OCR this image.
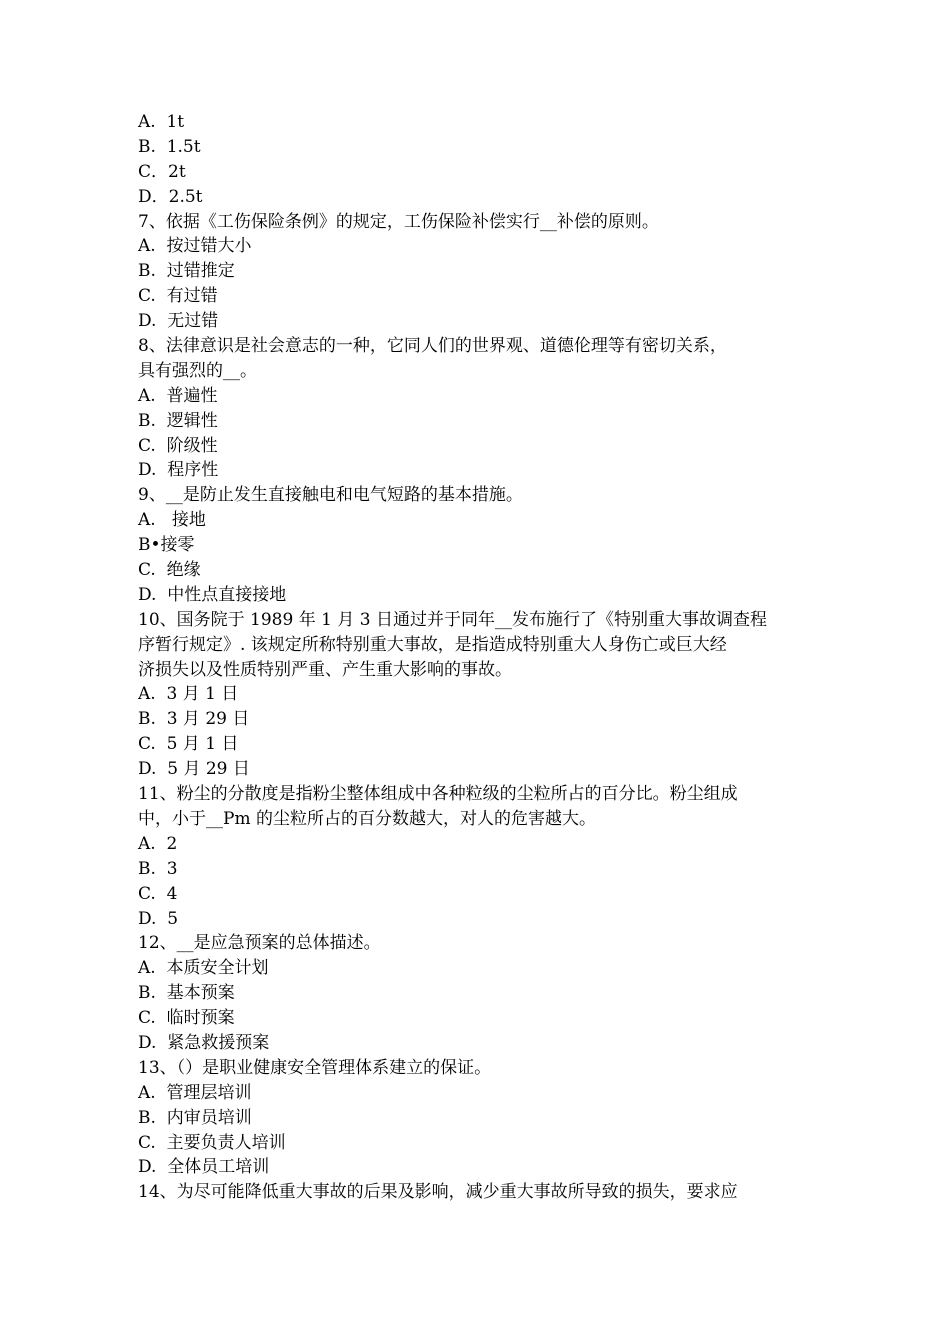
A.  1t
B.  1.5t
C．2t
D．2.5t
7、依据《工伤保险条例》的规定，工伤保险补偿实行__补偿的原则。
A.  按过错大小
B.  过错推定
C.  有过错
D.  无过错
8、法律意识是社会意志的一种，它同人们的世界观、道德伦理等有密切关系，
具有强烈的__。
A.  普遍性
B.  逻辑性
C.  阶级性
D.  程序性
9、__是防止发生直接触电和电气短路的基本措施。
A.   接地
B•接零
C.  绝缘
D.  中性点直接接地
10、国务院于 1989 年 1 月 3 日通过并于同年__发布施行了《特别重大事故调查程
序暂行规定》. 该规定所称特别重大事故，是指造成特别重大人身伤亡或巨大经
济损失以及性质特别严重、产生重大影响的事故。
A.  3 月 1 日
B.  3 月 29 日
C.  5 月 1 日
D.  5 月 29 日
11、粉尘的分散度是指粉尘整体组成中各种粒级的尘粒所占的百分比。粉尘组成
中，小于__Pm 的尘粒所占的百分数越大，对人的危害越大。
A.  2
B.  3
C.  4
D.  5
12、__是应急预案的总体描述。
A.  本质安全计划
B.  基本预案
C.  临时预案
D.  紧急救援预案
13、（）是职业健康安全管理体系建立的保证。
A.  管理层培训
B.  内审员培训
C.  主要负责人培训
D.  全体员工培训
14、为尽可能降低重大事故的后果及影响，减少重大事故所导致的损失，要求应
